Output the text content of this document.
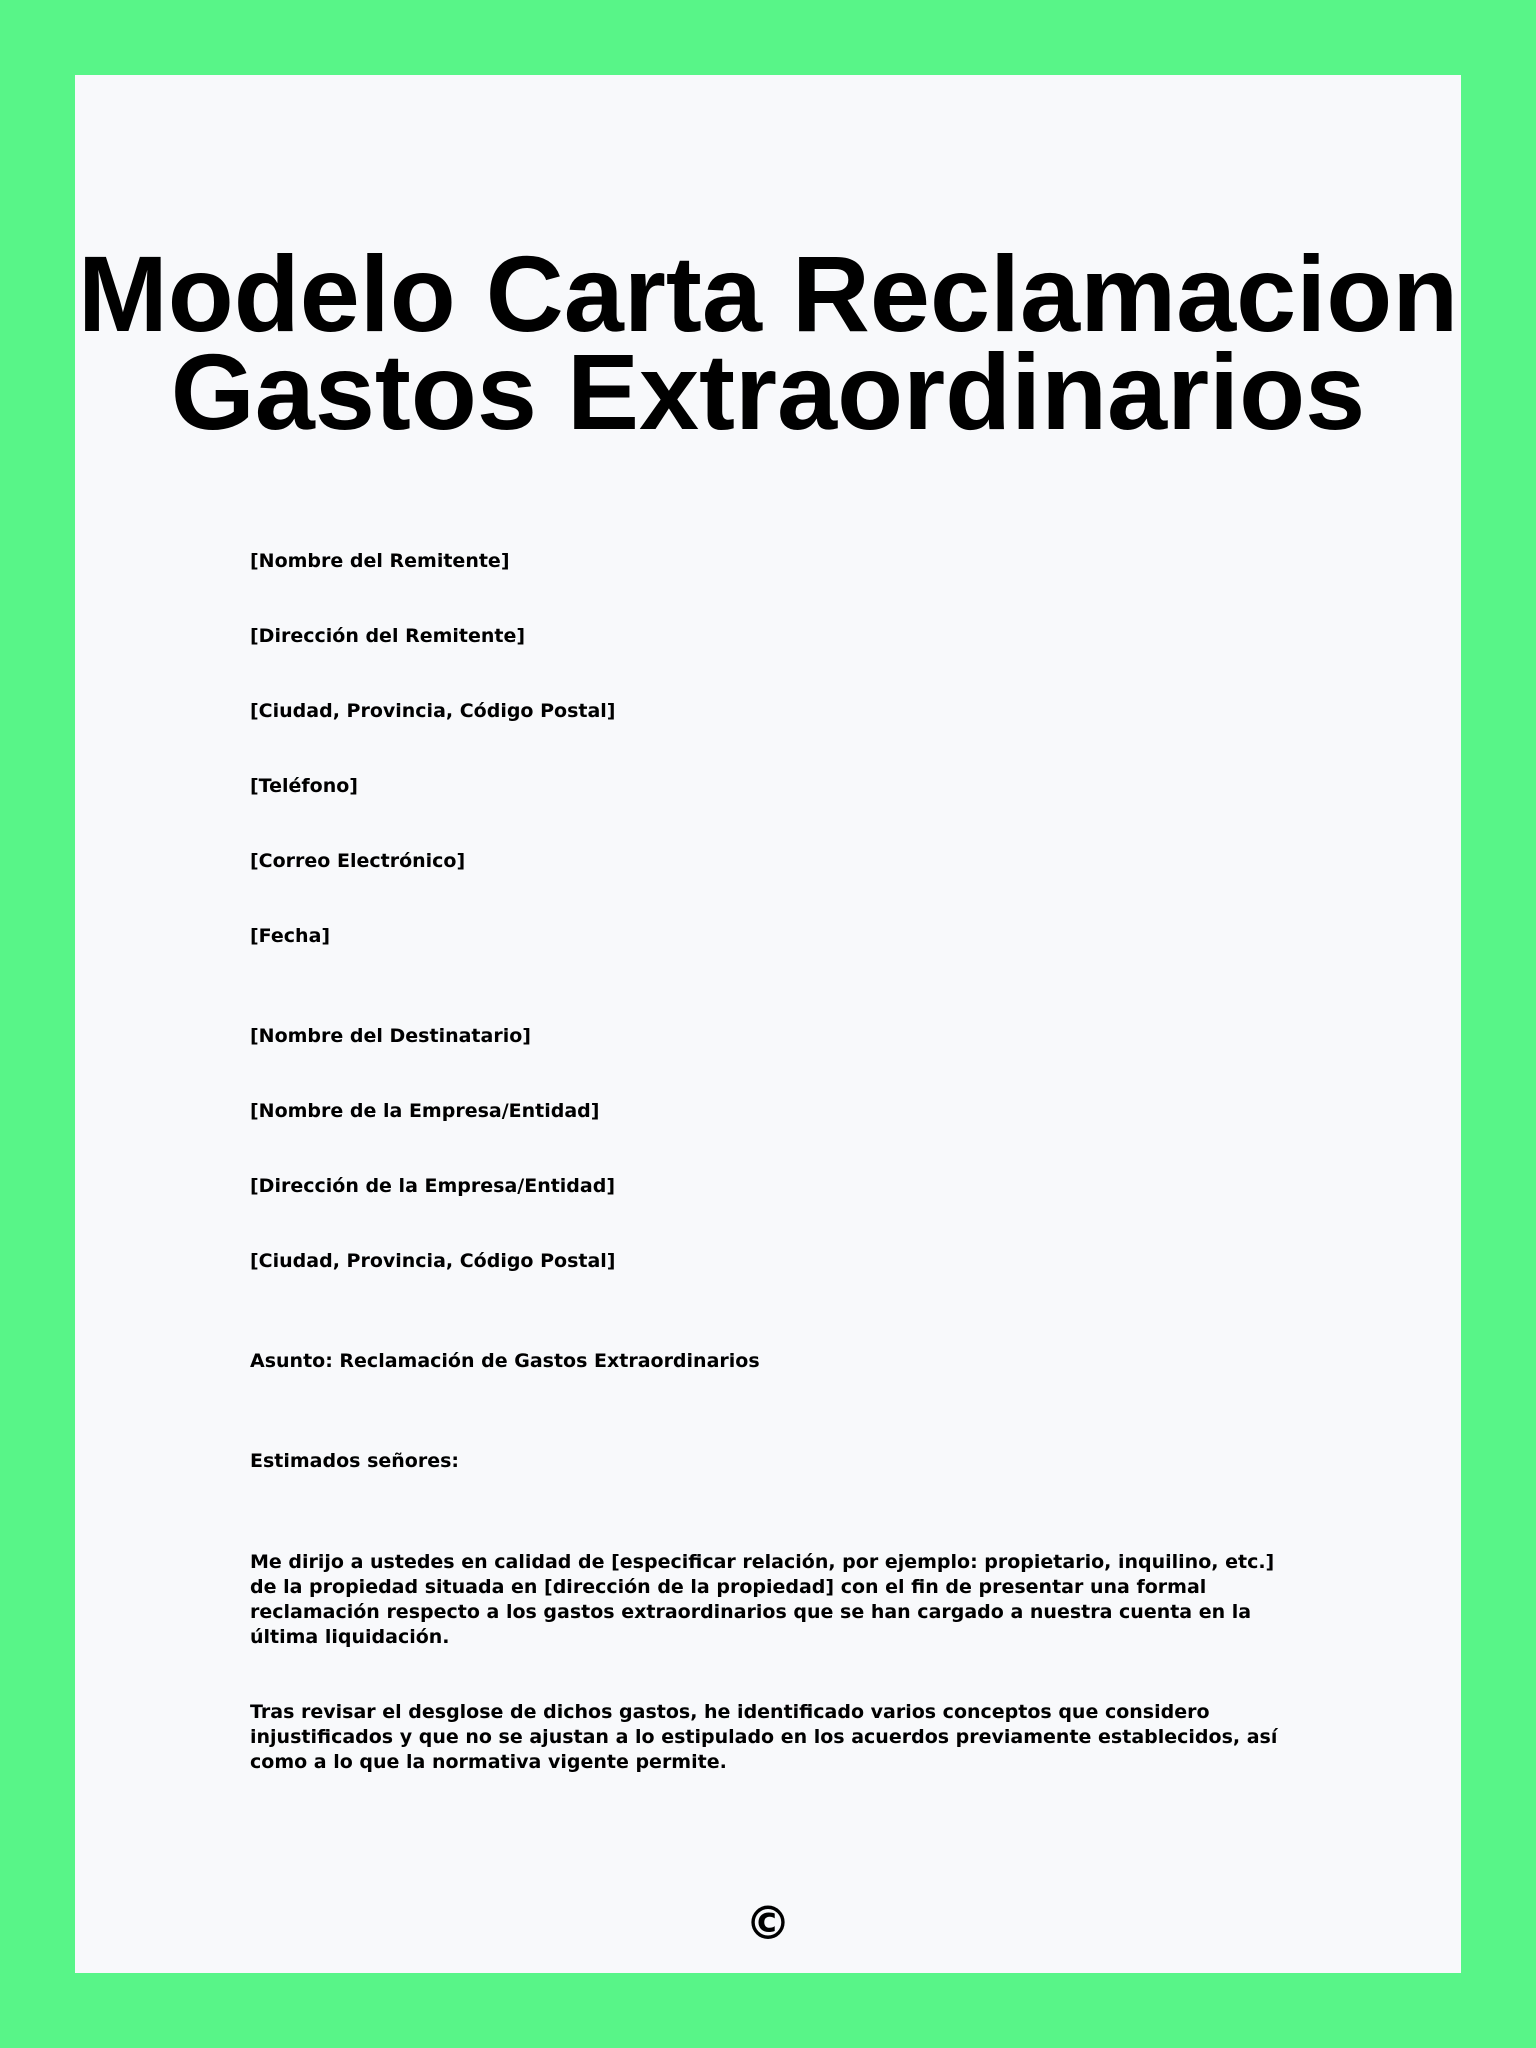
Modelo Carta Reclamacion
Gastos Extraordinarios
[Nombre del Remitente]
[Dirección del Remitente]
[Ciudad, Provincia, Código Postal]
[Teléfono]
[Correo Electrónico]
[Fecha]
[Nombre del Destinatario]
[Nombre de la Empresa/Entidad]
[Dirección de la Empresa/Entidad]
[Ciudad, Provincia, Código Postal]
Asunto: Reclamación de Gastos Extraordinarios
Estimados señores:
Me dirijo a ustedes en calidad de [especificar relación, por ejemplo: propietario, inquilino, etc.] de la propiedad situada en [dirección de la propiedad] con el fin de presentar una formal reclamación respecto a los gastos extraordinarios que se han cargado a nuestra cuenta en la última liquidación.
Tras revisar el desglose de dichos gastos, he identificado varios conceptos que considero injustificados y que no se ajustan a lo estipulado en los acuerdos previamente establecidos, así como a lo que la normativa vigente permite.
©
